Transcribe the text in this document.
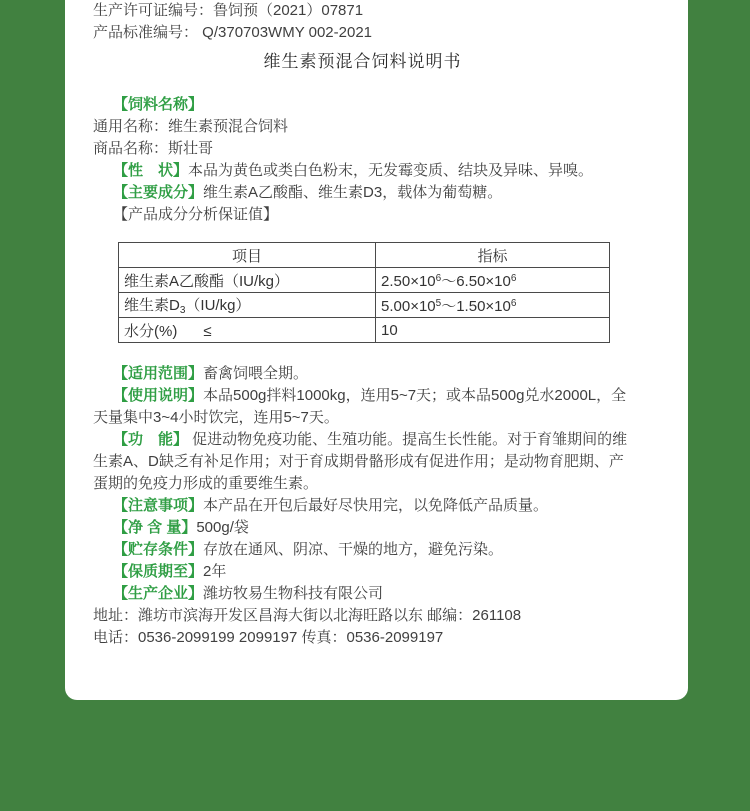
生产许可证编号：鲁饲预（2021）07871

产品标准编号： Q/370703WMY 002-2021

维生素预混合饲料说明书

【饲料名称】

通用名称：维生素预混合饲料

商品名称：斯壮哥

【性　状】本品为黄色或类白色粉末，无发霉变质、结块及异味、异嗅。

【主要成分】维生素A乙酸酯、维生素D3，载体为葡萄糖。

【产品成分分析保证值】

项目	指标
维生素A乙酸酯（IU/kg）	$2.50\times 10^6\sim 6.50\times 10^6$
维生素$D_3(IU/kg)$	$5.00\times 10^5\sim 1.50\times 10^6$
水分(%) ≤	10

【适用范围】畜禽饲喂全期。

【使用说明】本品500g拌料1000kg，连用5~7天；或本品500g兑水2000L，全天量集中3~4小时饮完，连用5~7天。

【功　能】 促进动物免疫功能、生殖功能。提高生长性能。对于育雏期间的维生素A、D缺乏有补足作用；对于育成期骨骼形成有促进作用；是动物育肥期、产蛋期的免疫力形成的重要维生素。

【注意事项】本产品在开包后最好尽快用完，以免降低产品质量。

【净 含 量】500g/袋

【贮存条件】存放在通风、阴凉、干燥的地方，避免污染。

【保质期至】2年

【生产企业】潍坊牧易生物科技有限公司

地址：潍坊市滨海开发区昌海大街以北海旺路以东 邮编：261108

电话：0536-2099199 2099197 传真：0536-2099197
